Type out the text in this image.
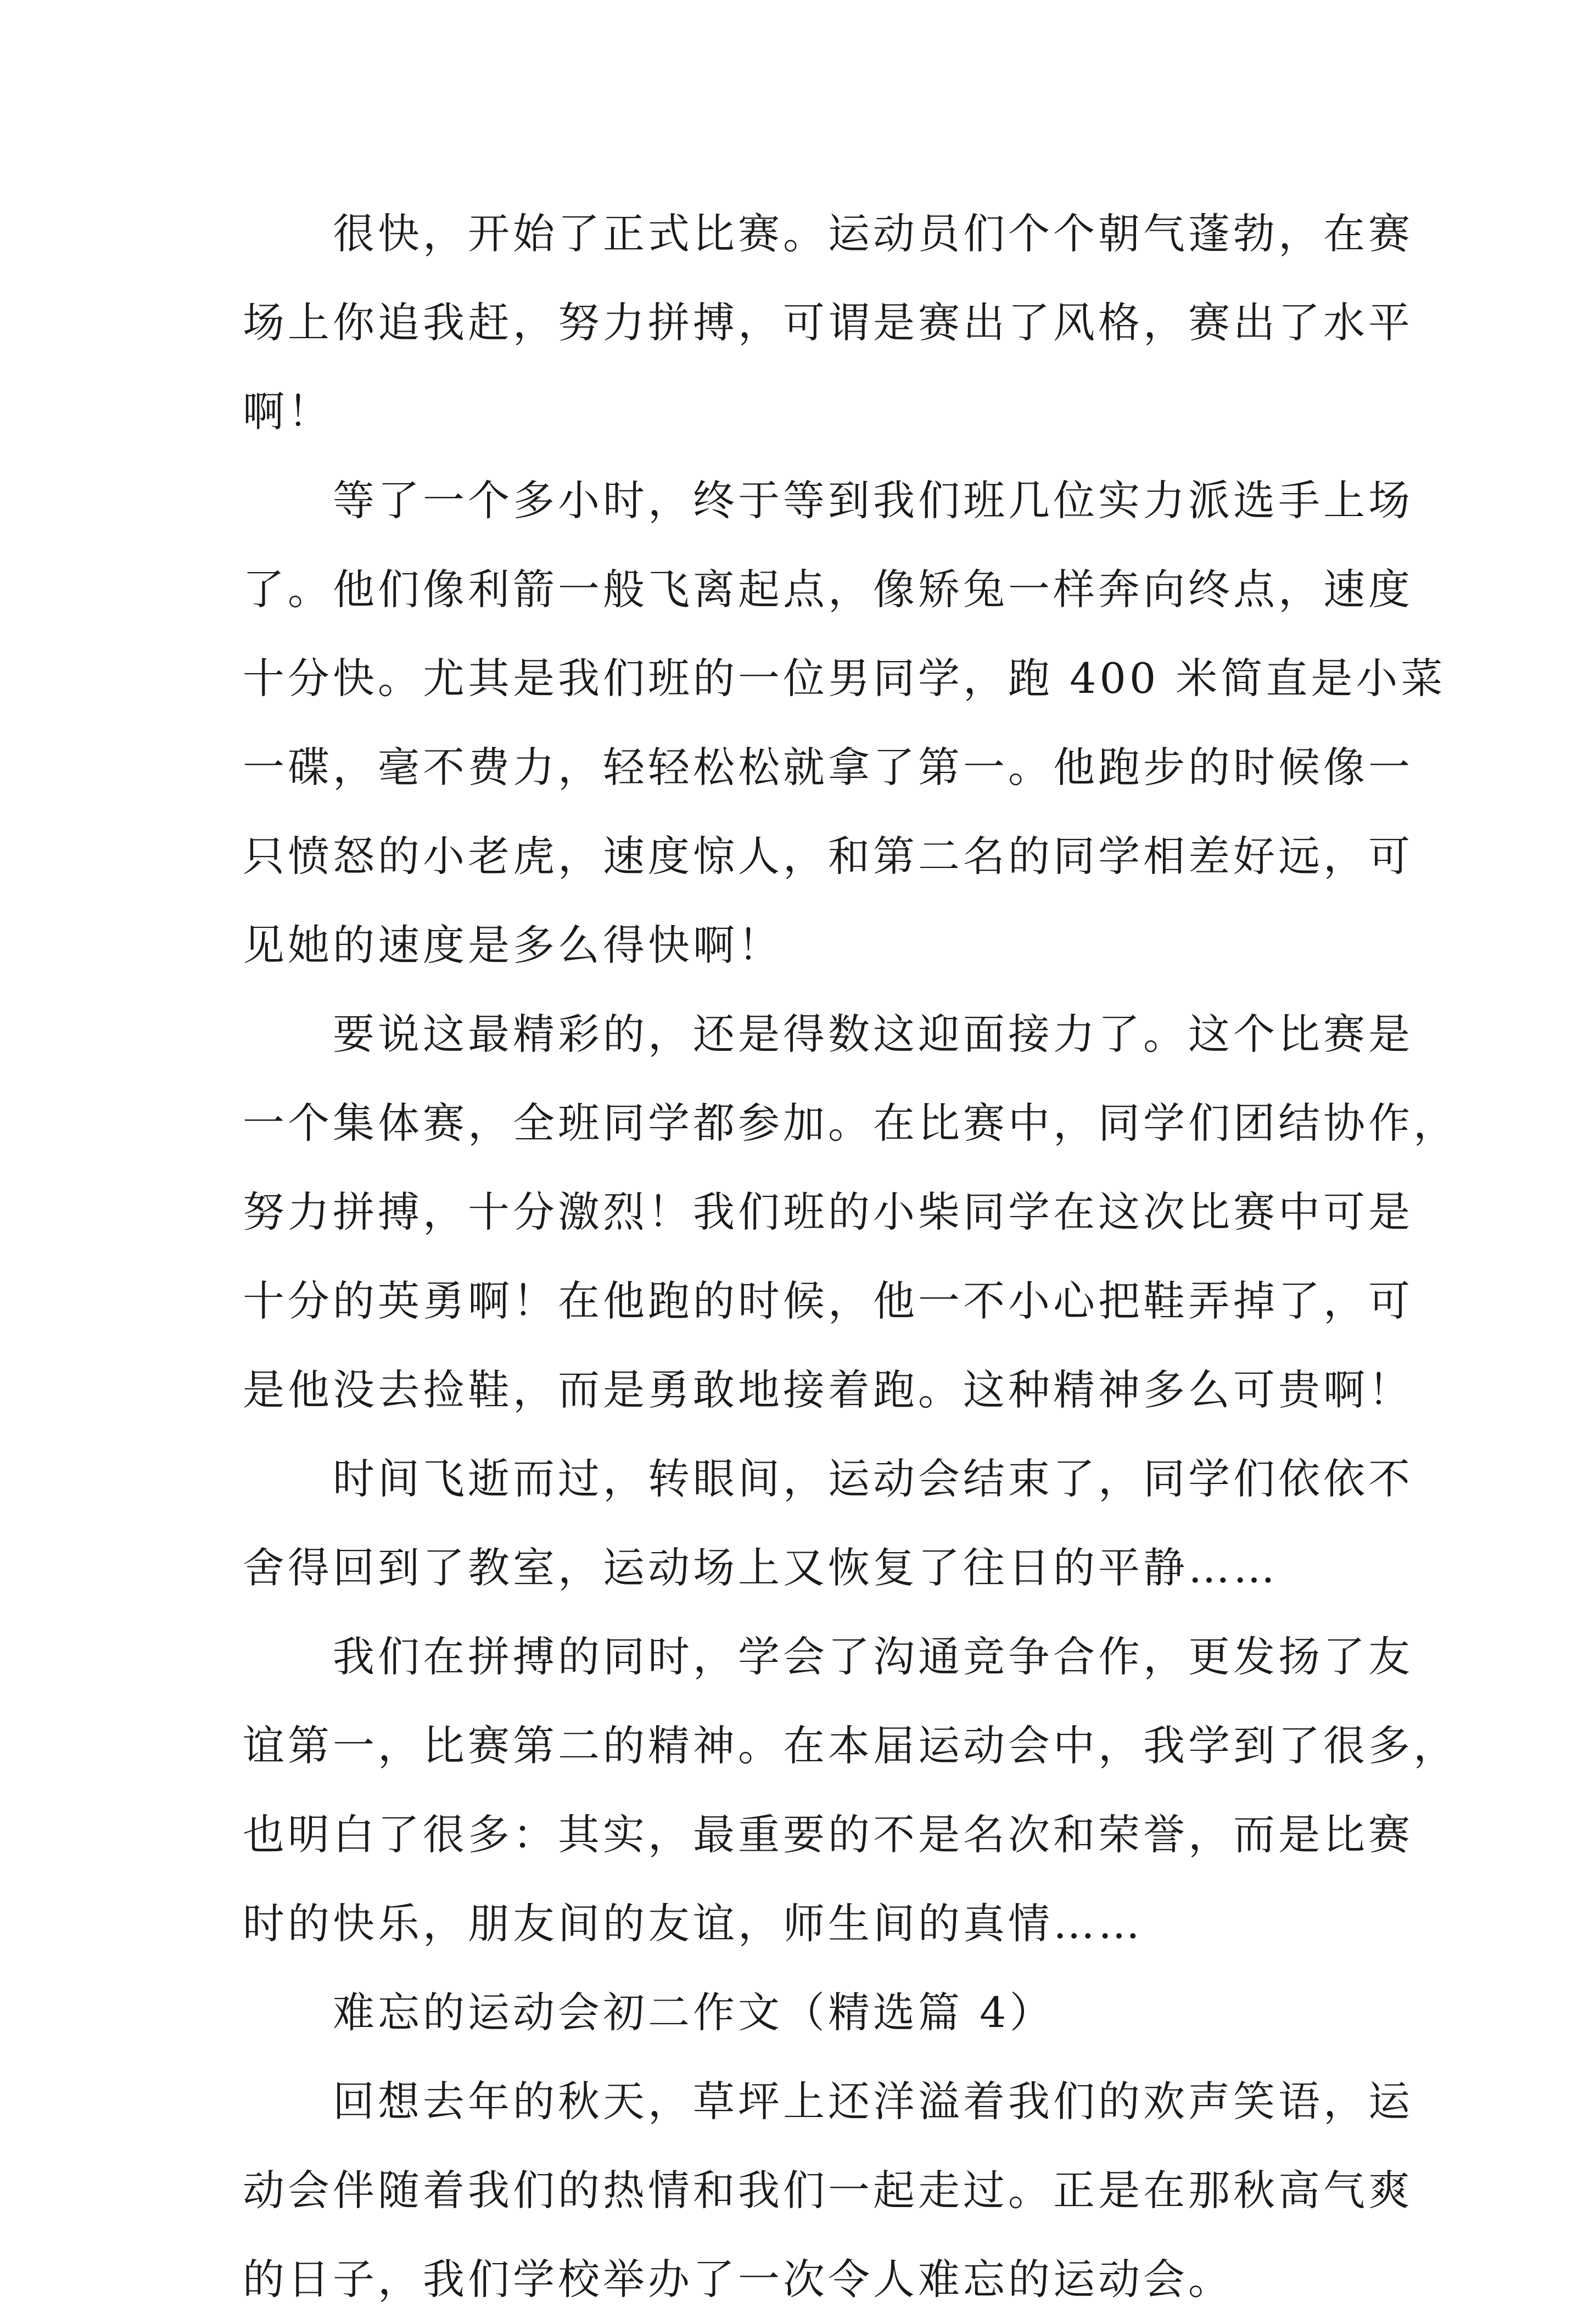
很快，开始了正式比赛。运动员们个个朝气蓬勃，在赛
场上你追我赶，努力拼搏，可谓是赛出了风格，赛出了水平
啊！

等了一个多小时，终于等到我们班几位实力派选手上场
了。他们像利箭一般飞离起点，像矫兔一样奔向终点，速度
十分快。尤其是我们班的一位男同学，跑 400 米简直是小菜
一碟，毫不费力，轻轻松松就拿了第一。他跑步的时候像一
只愤怒的小老虎，速度惊人，和第二名的同学相差好远，可
见她的速度是多么得快啊！

要说这最精彩的，还是得数这迎面接力了。这个比赛是
一个集体赛，全班同学都参加。在比赛中，同学们团结协作，
努力拼搏，十分激烈！我们班的小柴同学在这次比赛中可是
十分的英勇啊！在他跑的时候，他一不小心把鞋弄掉了，可
是他没去捡鞋，而是勇敢地接着跑。这种精神多么可贵啊！

时间飞逝而过，转眼间，运动会结束了，同学们依依不
舍得回到了教室，运动场上又恢复了往日的平静……

我们在拼搏的同时，学会了沟通竞争合作，更发扬了友
谊第一，比赛第二的精神。在本届运动会中，我学到了很多，
也明白了很多：其实，最重要的不是名次和荣誉，而是比赛
时的快乐，朋友间的友谊，师生间的真情……

难忘的运动会初二作文（精选篇 4）

回想去年的秋天，草坪上还洋溢着我们的欢声笑语，运
动会伴随着我们的热情和我们一起走过。正是在那秋高气爽
的日子，我们学校举办了一次令人难忘的运动会。
